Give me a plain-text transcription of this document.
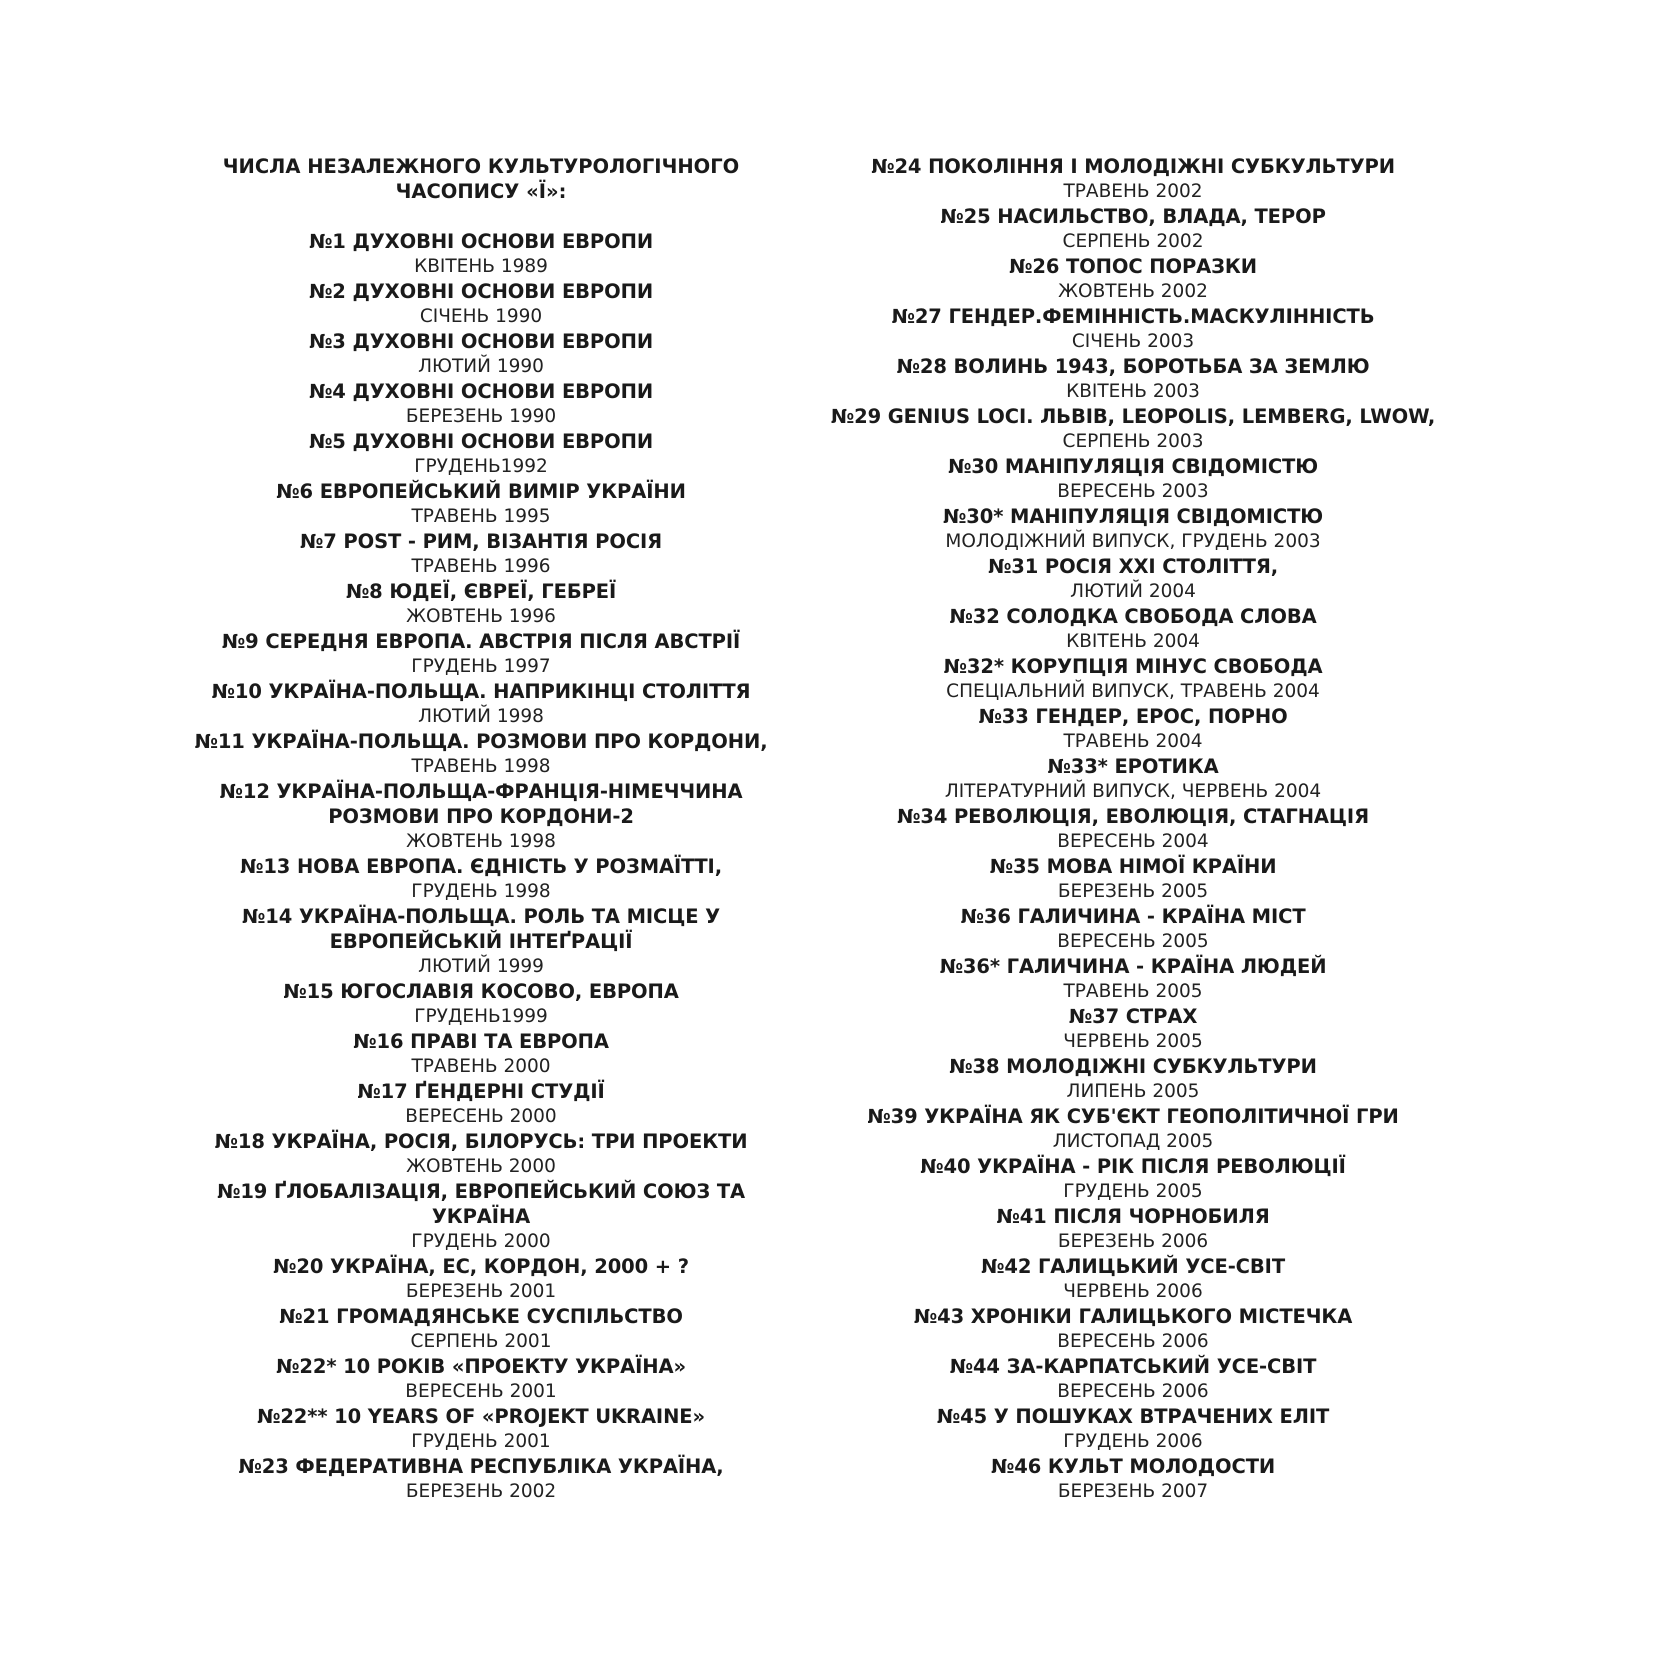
ЧИСЛА НЕЗАЛЕЖНОГО КУЛЬТУРОЛОГІЧНОГО
ЧАСОПИСУ «Ї»:
№1 ДУХОВНІ ОСНОВИ ЕВРОПИ
КВІТЕНЬ 1989
№2 ДУХОВНІ ОСНОВИ ЕВРОПИ
СІЧЕНЬ 1990
№3 ДУХОВНІ ОСНОВИ ЕВРОПИ
ЛЮТИЙ 1990
№4 ДУХОВНІ ОСНОВИ ЕВРОПИ
БЕРЕЗЕНЬ 1990
№5 ДУХОВНІ ОСНОВИ ЕВРОПИ
ГРУДЕНЬ1992
№6 ЕВРОПЕЙСЬКИЙ ВИМІР УКРАЇНИ
ТРАВЕНЬ 1995
№7 POST - РИМ, ВІЗАНТІЯ РОСІЯ
ТРАВЕНЬ 1996
№8 ЮДЕЇ, ЄВРЕЇ, ГЕБРЕЇ
ЖОВТЕНЬ 1996
№9 СЕРЕДНЯ ЕВРОПА. АВСТРІЯ ПІСЛЯ АВСТРІЇ
ГРУДЕНЬ 1997
№10 УКРАЇНА-ПОЛЬЩА. НАПРИКІНЦІ СТОЛІТТЯ
ЛЮТИЙ 1998
№11 УКРАЇНА-ПОЛЬЩА. РОЗМОВИ ПРО КОРДОНИ,
ТРАВЕНЬ 1998
№12 УКРАЇНА-ПОЛЬЩА-ФРАНЦІЯ-НІМЕЧЧИНА
РОЗМОВИ ПРО КОРДОНИ-2
ЖОВТЕНЬ 1998
№13 НОВА ЕВРОПА. ЄДНІСТЬ У РОЗМАЇТТІ,
ГРУДЕНЬ 1998
№14 УКРАЇНА-ПОЛЬЩА. РОЛЬ ТА МІСЦЕ У
ЕВРОПЕЙСЬКІЙ ІНТЕҐРАЦІЇ
ЛЮТИЙ 1999
№15 ЮГОСЛАВІЯ КОСОВО, ЕВРОПА
ГРУДЕНЬ1999
№16 ПРАВІ ТА ЕВРОПА
ТРАВЕНЬ 2000
№17 ҐЕНДЕРНІ СТУДІЇ
ВЕРЕСЕНЬ 2000
№18 УКРАЇНА, РОСІЯ, БІЛОРУСЬ: ТРИ ПРОЕКТИ
ЖОВТЕНЬ 2000
№19 ҐЛОБАЛІЗАЦІЯ, ЕВРОПЕЙСЬКИЙ СОЮЗ ТА
УКРАЇНА
ГРУДЕНЬ 2000
№20 УКРАЇНА, ЕС, КОРДОН, 2000 + ?
БЕРЕЗЕНЬ 2001
№21 ГРОМАДЯНСЬКЕ СУСПІЛЬСТВО
СЕРПЕНЬ 2001
№22* 10 РОКІВ «ПРОЕКТУ УКРАЇНА»
ВЕРЕСЕНЬ 2001
№22** 10 YEARS OF «PROJEKT UKRAINE»
ГРУДЕНЬ 2001
№23 ФЕДЕРАТИВНА РЕСПУБЛІКА УКРАЇНА,
БЕРЕЗЕНЬ 2002
№24 ПОКОЛІННЯ І МОЛОДІЖНІ СУБКУЛЬТУРИ
ТРАВЕНЬ 2002
№25 НАСИЛЬСТВО, ВЛАДА, ТЕРОР
СЕРПЕНЬ 2002
№26 ТОПОС ПОРАЗКИ
ЖОВТЕНЬ 2002
№27 ГЕНДЕР.ФЕМІННІСТЬ.МАСКУЛІННІСТЬ
СІЧЕНЬ 2003
№28 ВОЛИНЬ 1943, БОРОТЬБА ЗА ЗЕМЛЮ
КВІТЕНЬ 2003
№29 GENIUS LOCI. ЛЬВІВ, LEOPOLIS, LEMBERG, LWOW,
СЕРПЕНЬ 2003
№30 МАНІПУЛЯЦІЯ СВІДОМІСТЮ
ВЕРЕСЕНЬ 2003
№30* МАНІПУЛЯЦІЯ СВІДОМІСТЮ
МОЛОДІЖНИЙ ВИПУСК, ГРУДЕНЬ 2003
№31 РОСІЯ XXI СТОЛІТТЯ,
ЛЮТИЙ 2004
№32 СОЛОДКА СВОБОДА СЛОВА
КВІТЕНЬ 2004
№32* КОРУПЦІЯ МІНУС СВОБОДА
СПЕЦІАЛЬНИЙ ВИПУСК, ТРАВЕНЬ 2004
№33 ГЕНДЕР, ЕРОС, ПОРНО
ТРАВЕНЬ 2004
№33* ЕРОТИКА
ЛІТЕРАТУРНИЙ ВИПУСК, ЧЕРВЕНЬ 2004
№34 РЕВОЛЮЦІЯ, ЕВОЛЮЦІЯ, СТАГНАЦІЯ
ВЕРЕСЕНЬ 2004
№35 МОВА НІМОЇ КРАЇНИ
БЕРЕЗЕНЬ 2005
№36 ГАЛИЧИНА - КРАЇНА МІСТ
ВЕРЕСЕНЬ 2005
№36* ГАЛИЧИНА - КРАЇНА ЛЮДЕЙ
ТРАВЕНЬ 2005
№37 СТРАХ
ЧЕРВЕНЬ 2005
№38 МОЛОДІЖНІ СУБКУЛЬТУРИ
ЛИПЕНЬ 2005
№39 УКРАЇНА ЯК СУБ'ЄКТ ГЕОПОЛІТИЧНОЇ ГРИ
ЛИСТОПАД 2005
№40 УКРАЇНА - РІК ПІСЛЯ РЕВОЛЮЦІЇ
ГРУДЕНЬ 2005
№41 ПІСЛЯ ЧОРНОБИЛЯ
БЕРЕЗЕНЬ 2006
№42 ГАЛИЦЬКИЙ УСЕ-СВІТ
ЧЕРВЕНЬ 2006
№43 ХРОНІКИ ГАЛИЦЬКОГО МІСТЕЧКА
ВЕРЕСЕНЬ 2006
№44 ЗА-КАРПАТСЬКИЙ УСЕ-СВІТ
ВЕРЕСЕНЬ 2006
№45 У ПОШУКАХ ВТРАЧЕНИХ ЕЛІТ
ГРУДЕНЬ 2006
№46 КУЛЬТ МОЛОДОСТИ
БЕРЕЗЕНЬ 2007
